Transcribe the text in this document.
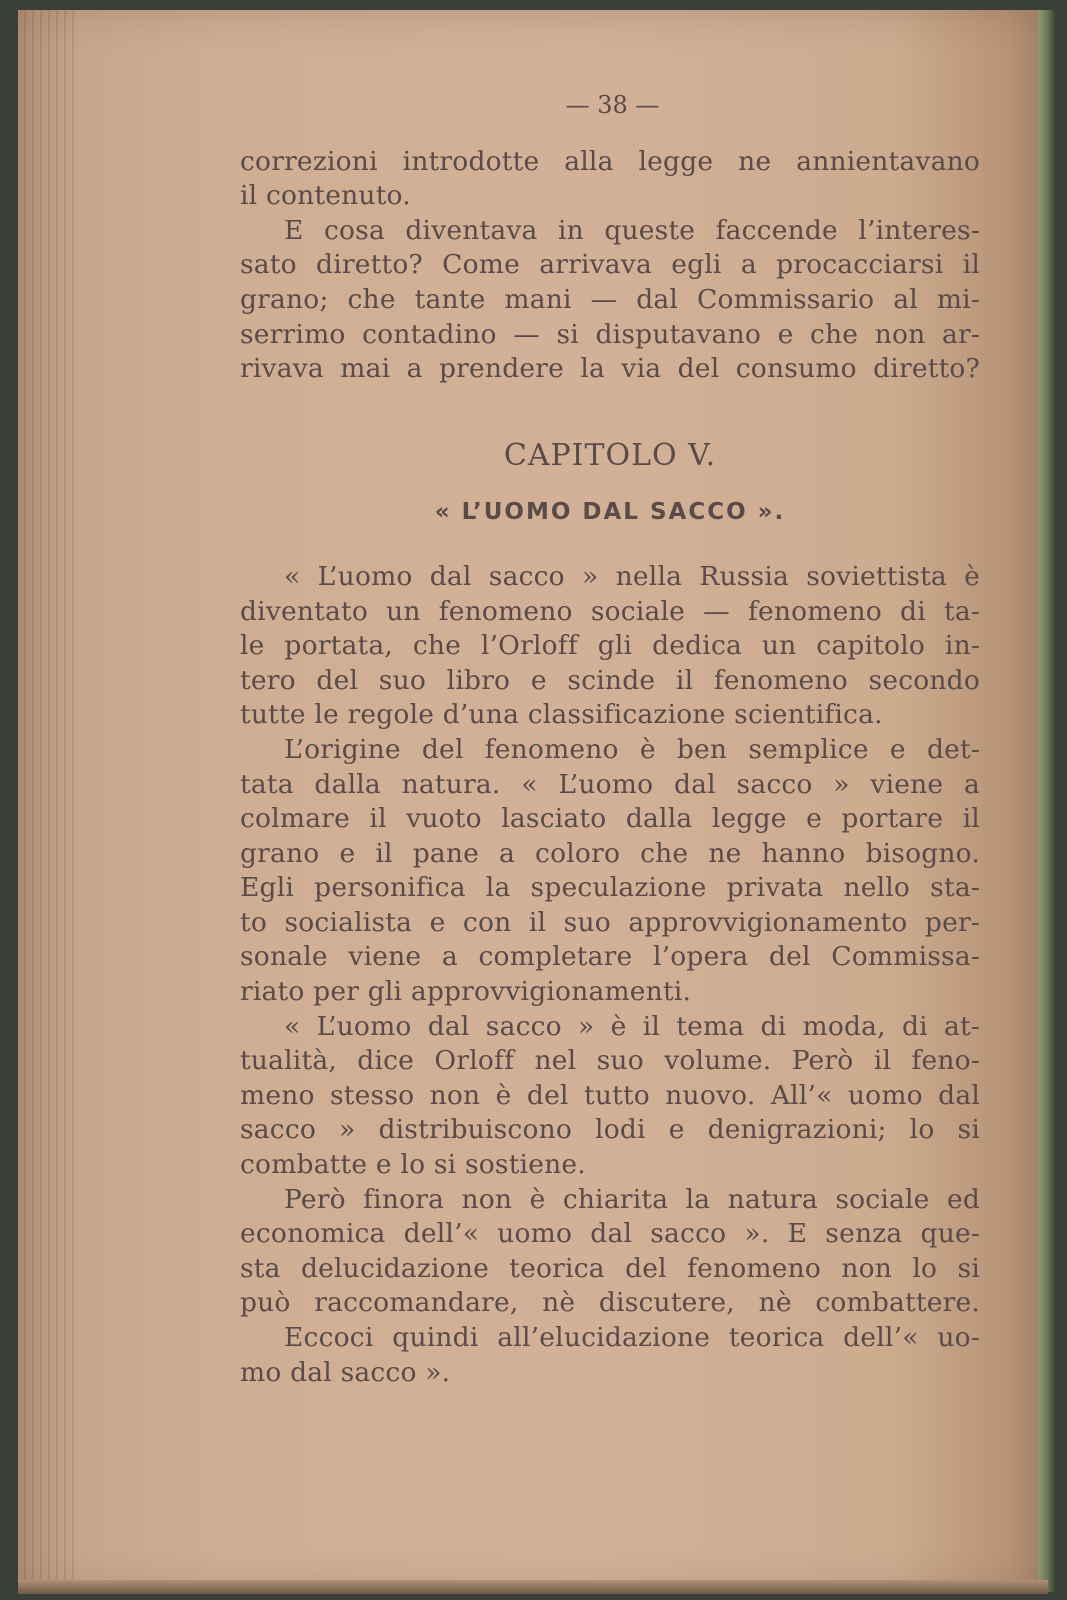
— 38 —
correzioni introdotte alla legge ne annientavano
il contenuto.
E cosa diventava in queste faccende l’interes-
sato diretto? Come arrivava egli a procacciarsi il
grano; che tante mani — dal Commissario al mi-
serrimo contadino — si disputavano e che non ar-
rivava mai a prendere la via del consumo diretto?
CAPITOLO V.
« L’UOMO DAL SACCO ».
« L’uomo dal sacco » nella Russia soviettista è
diventato un fenomeno sociale — fenomeno di ta-
le portata, che l’Orloff gli dedica un capitolo in-
tero del suo libro e scinde il fenomeno secondo
tutte le regole d’una classificazione scientifica.
L’origine del fenomeno è ben semplice e det-
tata dalla natura. « L’uomo dal sacco » viene a
colmare il vuoto lasciato dalla legge e portare il
grano e il pane a coloro che ne hanno bisogno.
Egli personifica la speculazione privata nello sta-
to socialista e con il suo approvvigionamento per-
sonale viene a completare l’opera del Commissa-
riato per gli approvvigionamenti.
« L’uomo dal sacco » è il tema di moda, di at-
tualità, dice Orloff nel suo volume. Però il feno-
meno stesso non è del tutto nuovo. All’« uomo dal
sacco » distribuiscono lodi e denigrazioni; lo si
combatte e lo si sostiene.
Però finora non è chiarita la natura sociale ed
economica dell’« uomo dal sacco ». E senza que-
sta delucidazione teorica del fenomeno non lo si
può raccomandare, nè discutere, nè combattere.
Eccoci quindi all’elucidazione teorica dell’« uo-
mo dal sacco ».
